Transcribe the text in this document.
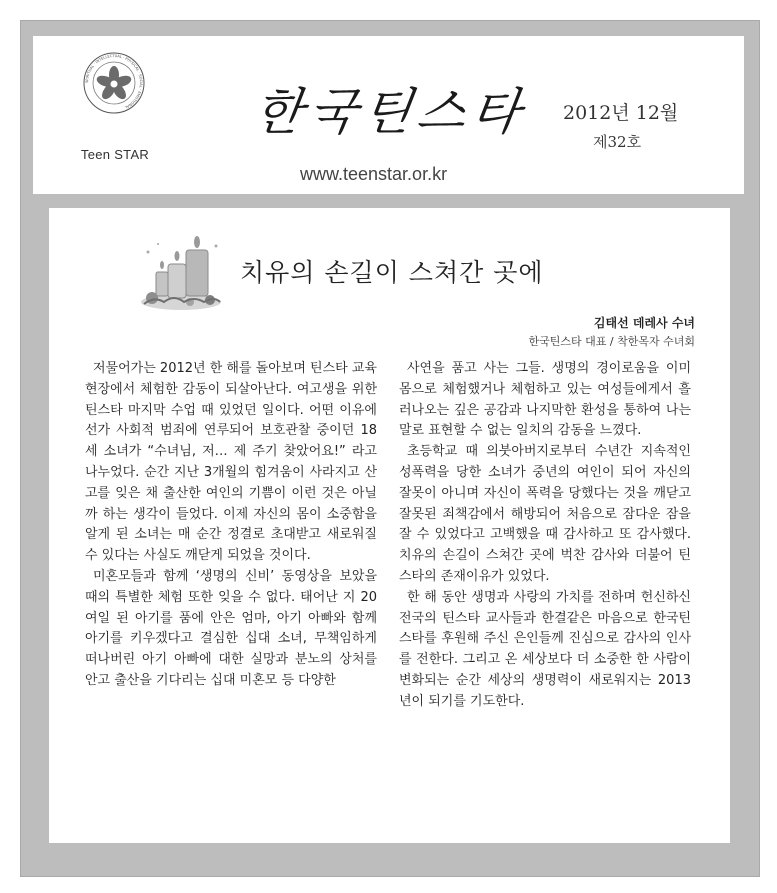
SPIRITUAL · INTELLECTUAL · PHYSICAL · SOCIAL · EMOTIONAL
Teen STAR
한국틴스타 2012년 12월
제32호
www.teenstar.or.kr
치유의 손길이 스쳐간 곳에
김태선 데레사 수녀
한국틴스타 대표 / 착한목자 수녀회

저물어가는 2012년 한 해를 돌아보며 틴스타 교육 현장에서 체험한 감동이 되살아난다. 여고생을 위한 틴스타 마지막 수업 때 있었던 일이다. 어떤 이유에선가 사회적 범죄에 연루되어 보호관찰 중이던 18세 소녀가 “수녀님, 저… 제 주기 찾았어요!” 라고 나누었다. 순간 지난 3개월의 힘겨움이 사라지고 산고를 잊은 채 출산한 여인의 기쁨이 이런 것은 아닐까 하는 생각이 들었다. 이제 자신의 몸이 소중함을 알게 된 소녀는 매 순간 정결로 초대받고 새로워질 수 있다는 사실도 깨닫게 되었을 것이다.

미혼모들과 함께 ‘생명의 신비’ 동영상을 보았을 때의 특별한 체험 또한 잊을 수 없다. 태어난 지 20여일 된 아기를 품에 안은 엄마, 아기 아빠와 함께 아기를 키우겠다고 결심한 십대 소녀, 무책임하게 떠나버린 아기 아빠에 대한 실망과 분노의 상처를 안고 출산을 기다리는 십대 미혼모 등 다양한

사연을 품고 사는 그들. 생명의 경이로움을 이미 몸으로 체험했거나 체험하고 있는 여성들에게서 흘러나오는 깊은 공감과 나지막한 환성을 통하여 나는 말로 표현할 수 없는 일치의 감동을 느꼈다.

초등학교 때 의붓아버지로부터 수년간 지속적인 성폭력을 당한 소녀가 중년의 여인이 되어 자신의 잘못이 아니며 자신이 폭력을 당했다는 것을 깨닫고 잘못된 죄책감에서 해방되어 처음으로 잠다운 잠을 잘 수 있었다고 고백했을 때 감사하고 또 감사했다. 치유의 손길이 스쳐간 곳에 벅찬 감사와 더불어 틴스타의 존재이유가 있었다.

한 해 동안 생명과 사랑의 가치를 전하며 헌신하신 전국의 틴스타 교사들과 한결같은 마음으로 한국틴스타를 후원해 주신 은인들께 진심으로 감사의 인사를 전한다. 그리고 온 세상보다 더 소중한 한 사람이 변화되는 순간 세상의 생명력이 새로워지는 2013년이 되기를 기도한다.
